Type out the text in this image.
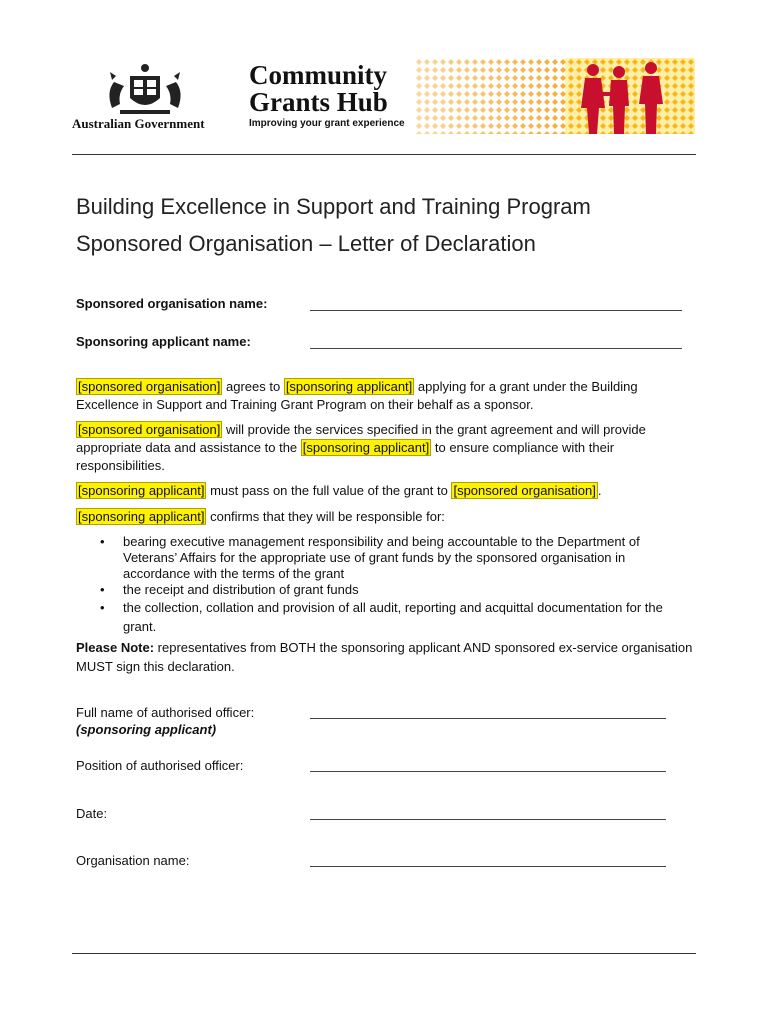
Australian Government
Community
Grants Hub
Improving your grant experience
Building Excellence in Support and Training Program
Sponsored Organisation – Letter of Declaration
Sponsored organisation name:
Sponsoring applicant name:
[sponsored organisation] agrees to [sponsoring applicant] applying for a grant under the Building Excellence in Support and Training Grant Program on their behalf as a sponsor.
[sponsored organisation] will provide the services specified in the grant agreement and will provide appropriate data and assistance to the [sponsoring applicant] to ensure compliance with their responsibilities.
[sponsoring applicant] must pass on the full value of the grant to [sponsored organisation] .
[sponsoring applicant] confirms that they will be responsible for:
• bearing executive management responsibility and being accountable to the Department of Veterans’ Affairs for the appropriate use of grant funds by the sponsored organisation in accordance with the terms of the grant
• the receipt and distribution of grant funds
• the collection, collation and provision of all audit, reporting and acquittal documentation for the grant.
Please Note: representatives from BOTH the sponsoring applicant AND sponsored ex-service organisation MUST sign this declaration.
Full name of authorised officer:
(sponsoring applicant)
Position of authorised officer:
Date:
Organisation name:
